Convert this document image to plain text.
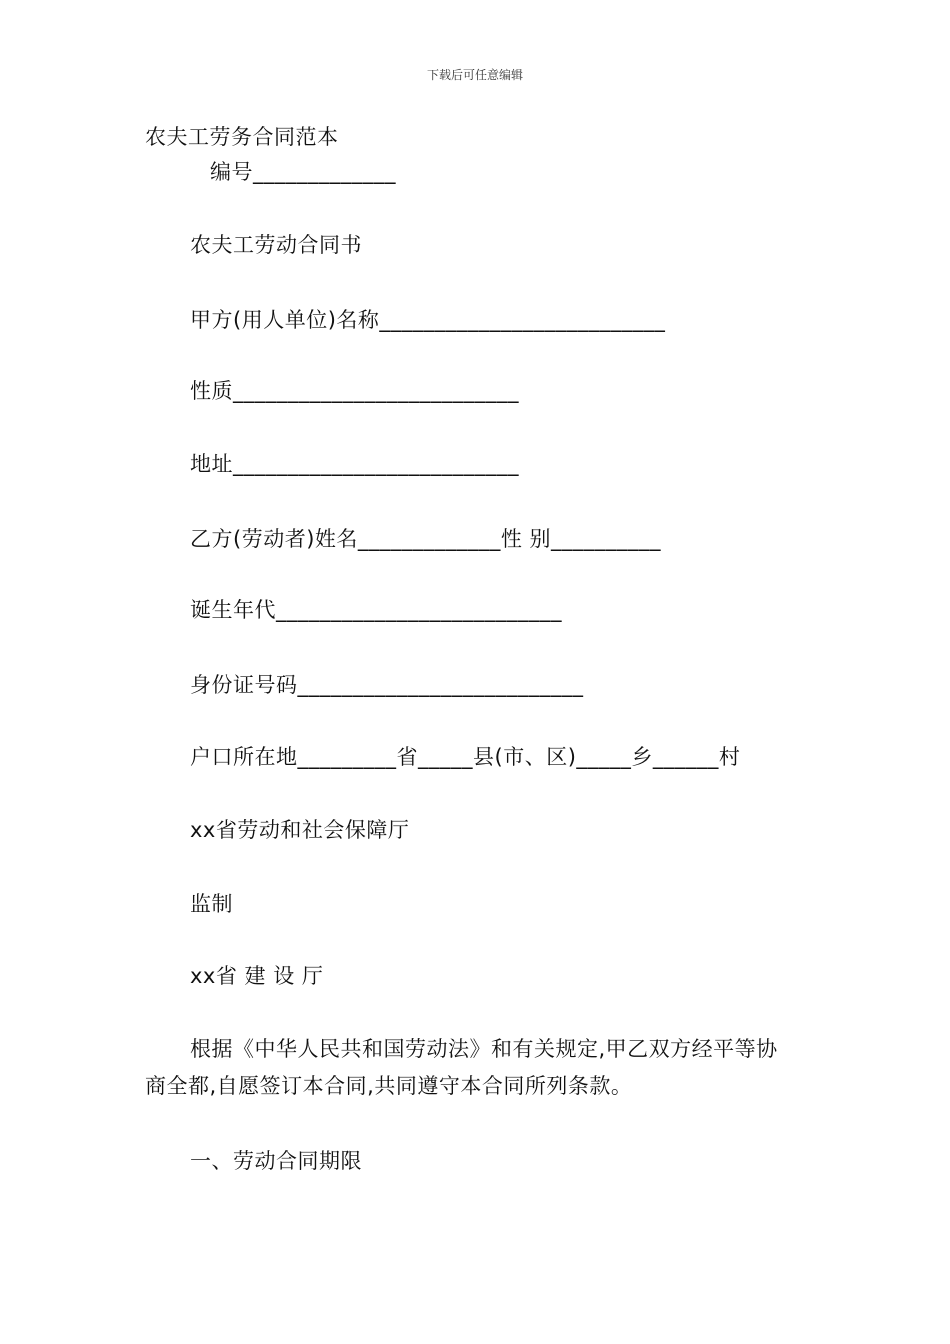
下载后可任意编辑
农夫工劳务合同范本
编号_____________
农夫工劳动合同书
甲方(用人单位)名称__________________________
性质__________________________
地址__________________________
乙方(劳动者)姓名_____________性 别__________
诞生年代__________________________
身份证号码__________________________
户口所在地_________省_____县(市、区)_____乡______村
xx省劳动和社会保障厅
监制
xx省 建 设 厅
根据《中华人民共和国劳动法》和有关规定,甲乙双方经平等协
商全都,自愿签订本合同,共同遵守本合同所列条款。
一、劳动合同期限
